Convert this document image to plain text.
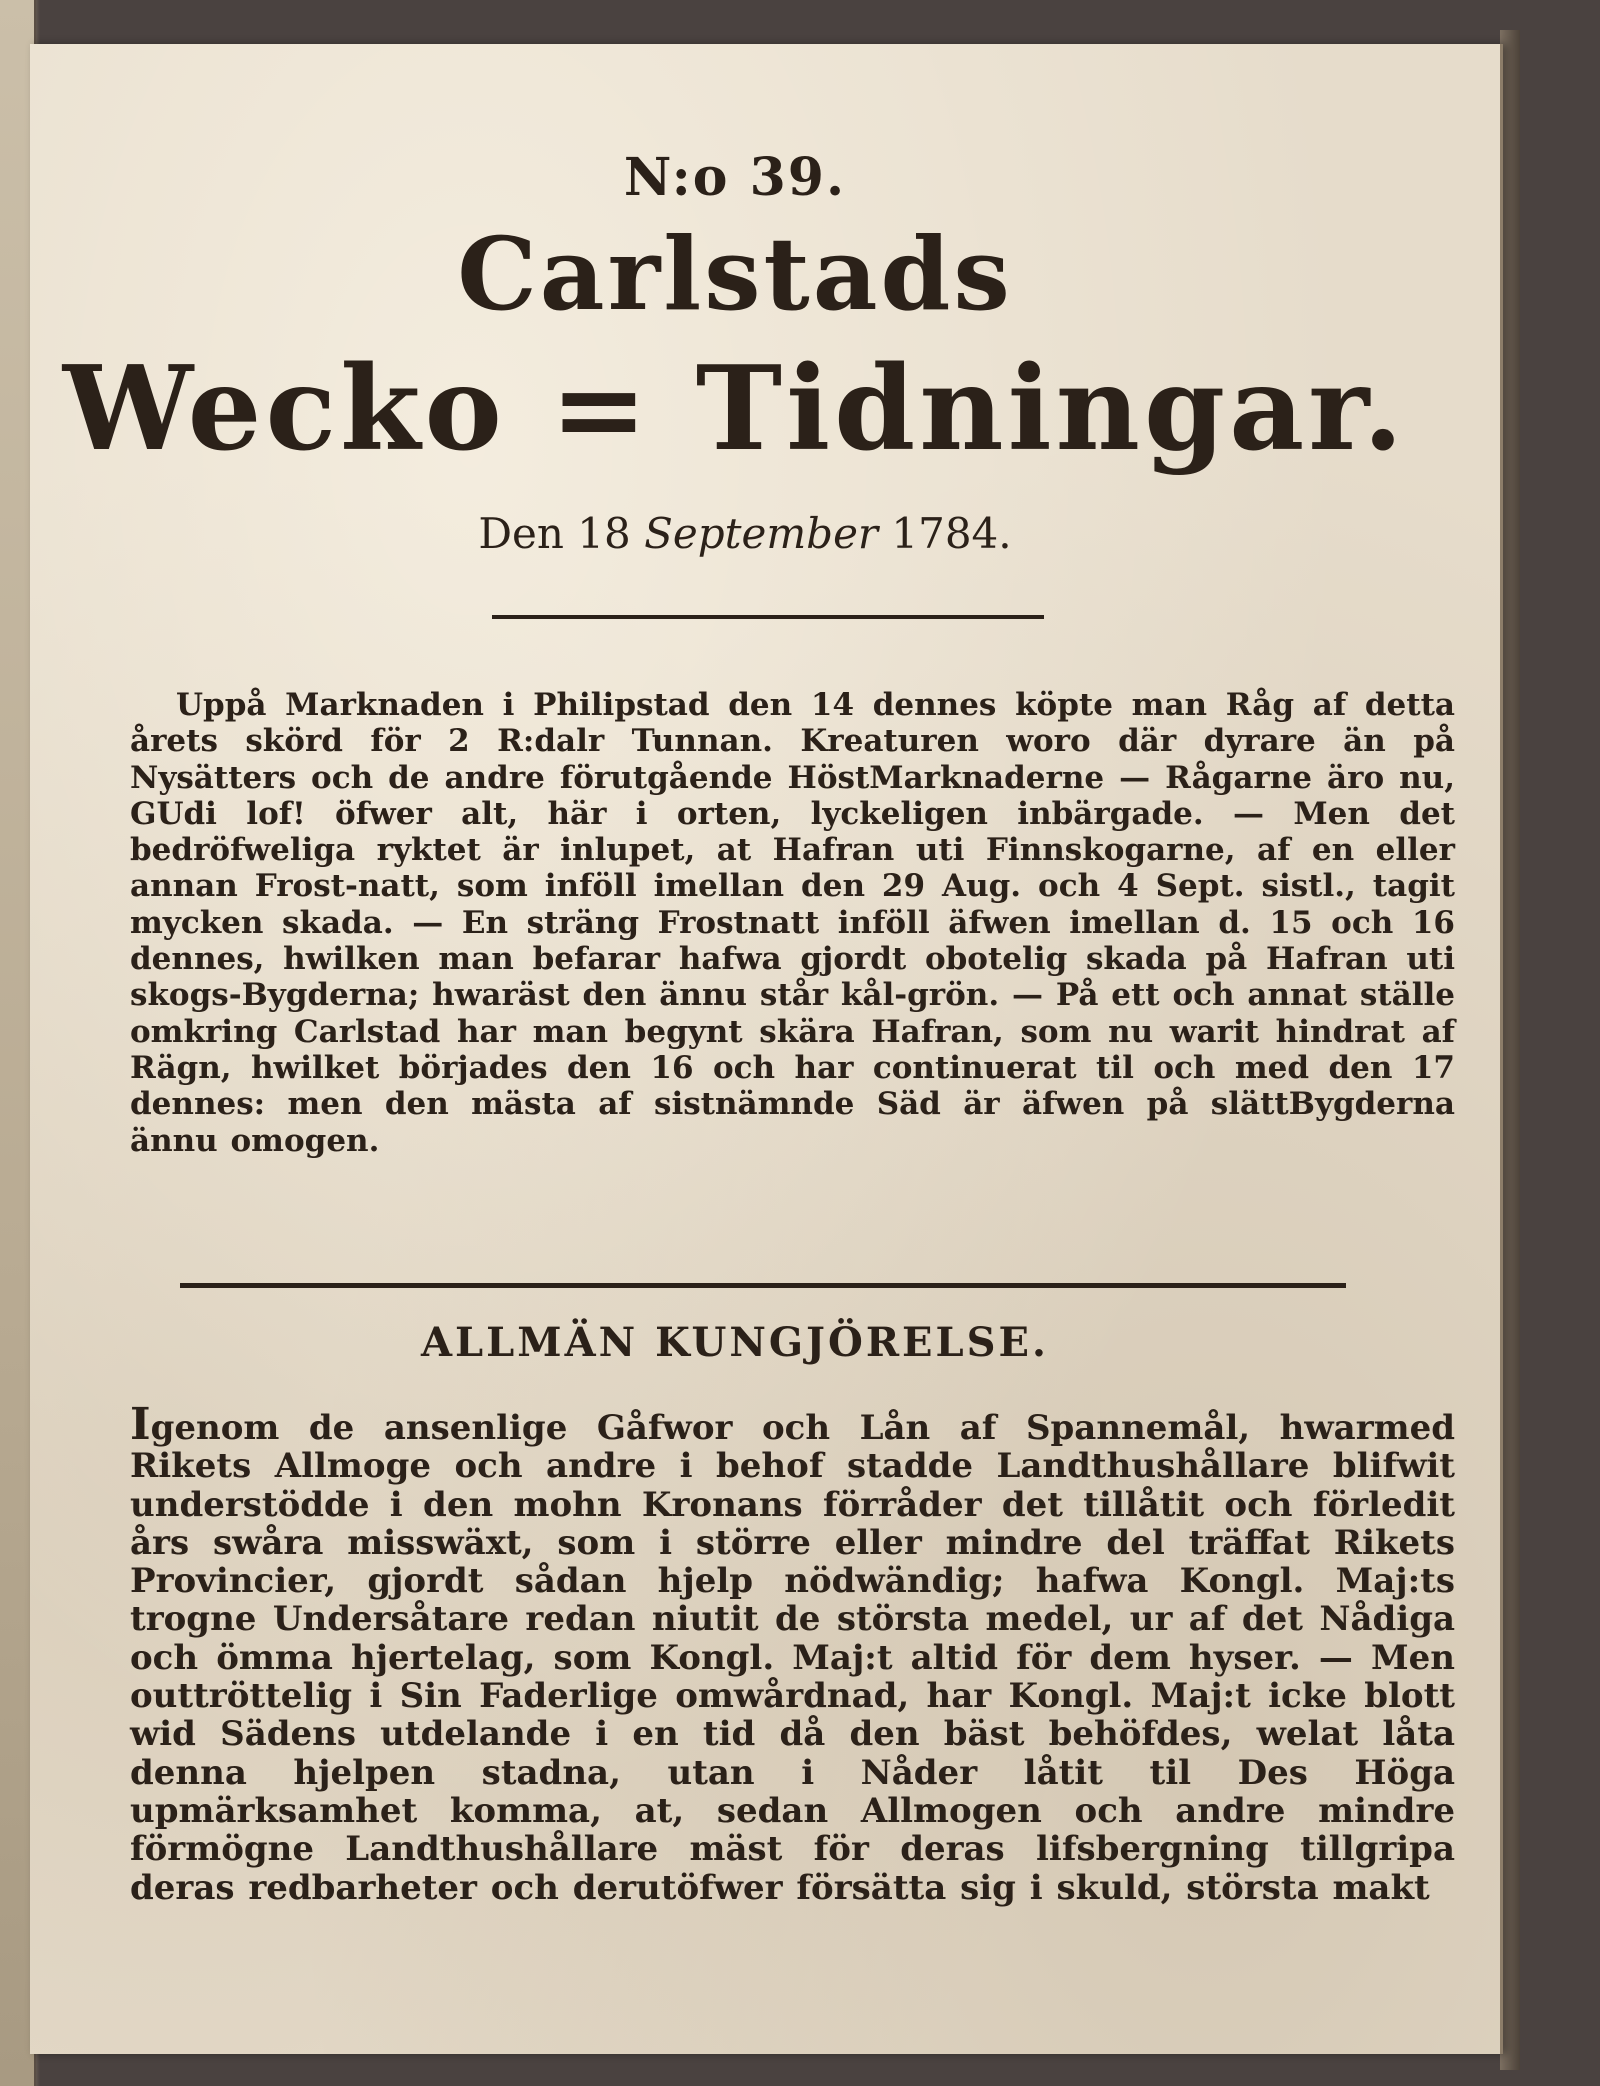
N:o 39.
Carlstads
Wecko = Tidningar.
Den 18 September 1784.

Uppå Marknaden i Philipstad den 14 dennes köpte man Råg af detta årets skörd för 2 R:dalr Tunnan. Kreaturen woro där dyrare än på Nysätters och de andre förutgående HöstMarknaderne — Rågarne äro nu, GUdi lof! öfwer alt, här i orten, lyckeligen inbärgade. — Men det bedröfweliga ryktet är inlupet, at Hafran uti Finnskogarne, af en eller annan Frost-natt, som inföll imellan den 29 Aug. och 4 Sept. sistl., tagit mycken skada. — En sträng Frostnatt inföll äfwen imellan d. 15 och 16 dennes, hwilken man befarar hafwa gjordt obotelig skada på Hafran uti skogs-Bygderna; hwaräst den ännu står kål-grön. — På ett och annat ställe omkring Carlstad har man begynt skära Hafran, som nu warit hindrat af Rägn, hwilket börjades den 16 och har continuerat til och med den 17 dennes: men den mästa af sistnämnde Säd är äfwen på slättBygderna ännu omogen.

ALLMÄN KUNGJÖRELSE.

Igenom de ansenlige Gåfwor och Lån af Spannemål, hwarmed Rikets Allmoge och andre i behof stadde Landthushållare blifwit understödde i den mohn Kronans förråder det tillåtit och förledit års swåra misswäxt, som i större eller mindre del träffat Rikets Provincier, gjordt sådan hjelp nödwändig; hafwa Kongl. Maj:ts trogne Undersåtare redan niutit de största medel, ur af det Nådiga och ömma hjertelag, som Kongl. Maj:t altid för dem hyser. — Men outtröttelig i Sin Faderlige omwårdnad, har Kongl. Maj:t icke blott wid Sädens utdelande i en tid då den bäst behöfdes, welat låta denna hjelpen stadna, utan i Nåder låtit til Des Höga upmärksamhet komma, at, sedan Allmogen och andre mindre förmögne Landthushållare mäst för deras lifsbergning tillgripa deras redbarheter och derutöfwer försätta sig i skuld, största makt
